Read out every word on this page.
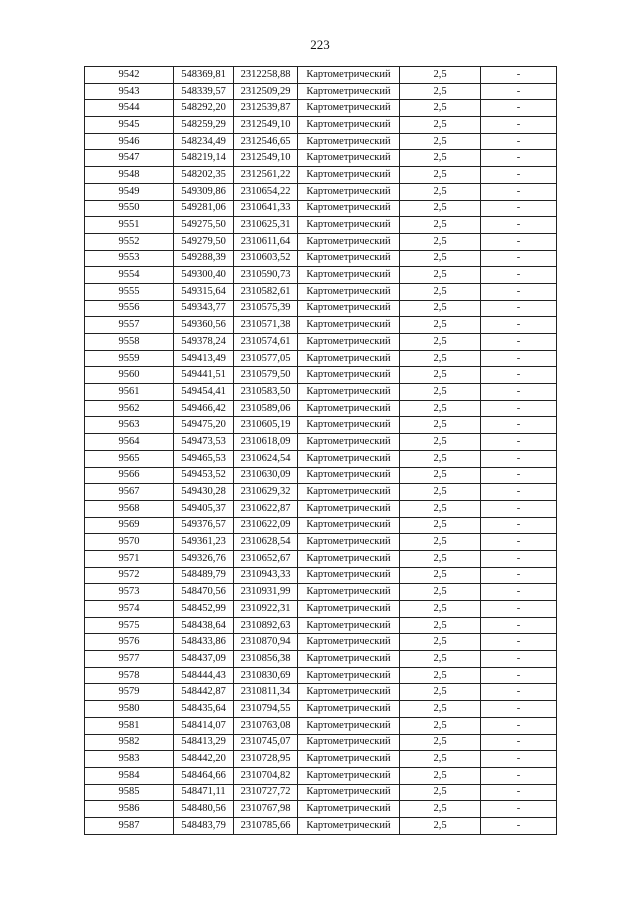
223
9542	548369,81	2312258,88	Картометрический	2,5	-
9543	548339,57	2312509,29	Картометрический	2,5	-
9544	548292,20	2312539,87	Картометрический	2,5	-
9545	548259,29	2312549,10	Картометрический	2,5	-
9546	548234,49	2312546,65	Картометрический	2,5	-
9547	548219,14	2312549,10	Картометрический	2,5	-
9548	548202,35	2312561,22	Картометрический	2,5	-
9549	549309,86	2310654,22	Картометрический	2,5	-
9550	549281,06	2310641,33	Картометрический	2,5	-
9551	549275,50	2310625,31	Картометрический	2,5	-
9552	549279,50	2310611,64	Картометрический	2,5	-
9553	549288,39	2310603,52	Картометрический	2,5	-
9554	549300,40	2310590,73	Картометрический	2,5	-
9555	549315,64	2310582,61	Картометрический	2,5	-
9556	549343,77	2310575,39	Картометрический	2,5	-
9557	549360,56	2310571,38	Картометрический	2,5	-
9558	549378,24	2310574,61	Картометрический	2,5	-
9559	549413,49	2310577,05	Картометрический	2,5	-
9560	549441,51	2310579,50	Картометрический	2,5	-
9561	549454,41	2310583,50	Картометрический	2,5	-
9562	549466,42	2310589,06	Картометрический	2,5	-
9563	549475,20	2310605,19	Картометрический	2,5	-
9564	549473,53	2310618,09	Картометрический	2,5	-
9565	549465,53	2310624,54	Картометрический	2,5	-
9566	549453,52	2310630,09	Картометрический	2,5	-
9567	549430,28	2310629,32	Картометрический	2,5	-
9568	549405,37	2310622,87	Картометрический	2,5	-
9569	549376,57	2310622,09	Картометрический	2,5	-
9570	549361,23	2310628,54	Картометрический	2,5	-
9571	549326,76	2310652,67	Картометрический	2,5	-
9572	548489,79	2310943,33	Картометрический	2,5	-
9573	548470,56	2310931,99	Картометрический	2,5	-
9574	548452,99	2310922,31	Картометрический	2,5	-
9575	548438,64	2310892,63	Картометрический	2,5	-
9576	548433,86	2310870,94	Картометрический	2,5	-
9577	548437,09	2310856,38	Картометрический	2,5	-
9578	548444,43	2310830,69	Картометрический	2,5	-
9579	548442,87	2310811,34	Картометрический	2,5	-
9580	548435,64	2310794,55	Картометрический	2,5	-
9581	548414,07	2310763,08	Картометрический	2,5	-
9582	548413,29	2310745,07	Картометрический	2,5	-
9583	548442,20	2310728,95	Картометрический	2,5	-
9584	548464,66	2310704,82	Картометрический	2,5	-
9585	548471,11	2310727,72	Картометрический	2,5	-
9586	548480,56	2310767,98	Картометрический	2,5	-
9587	548483,79	2310785,66	Картометрический	2,5	-
